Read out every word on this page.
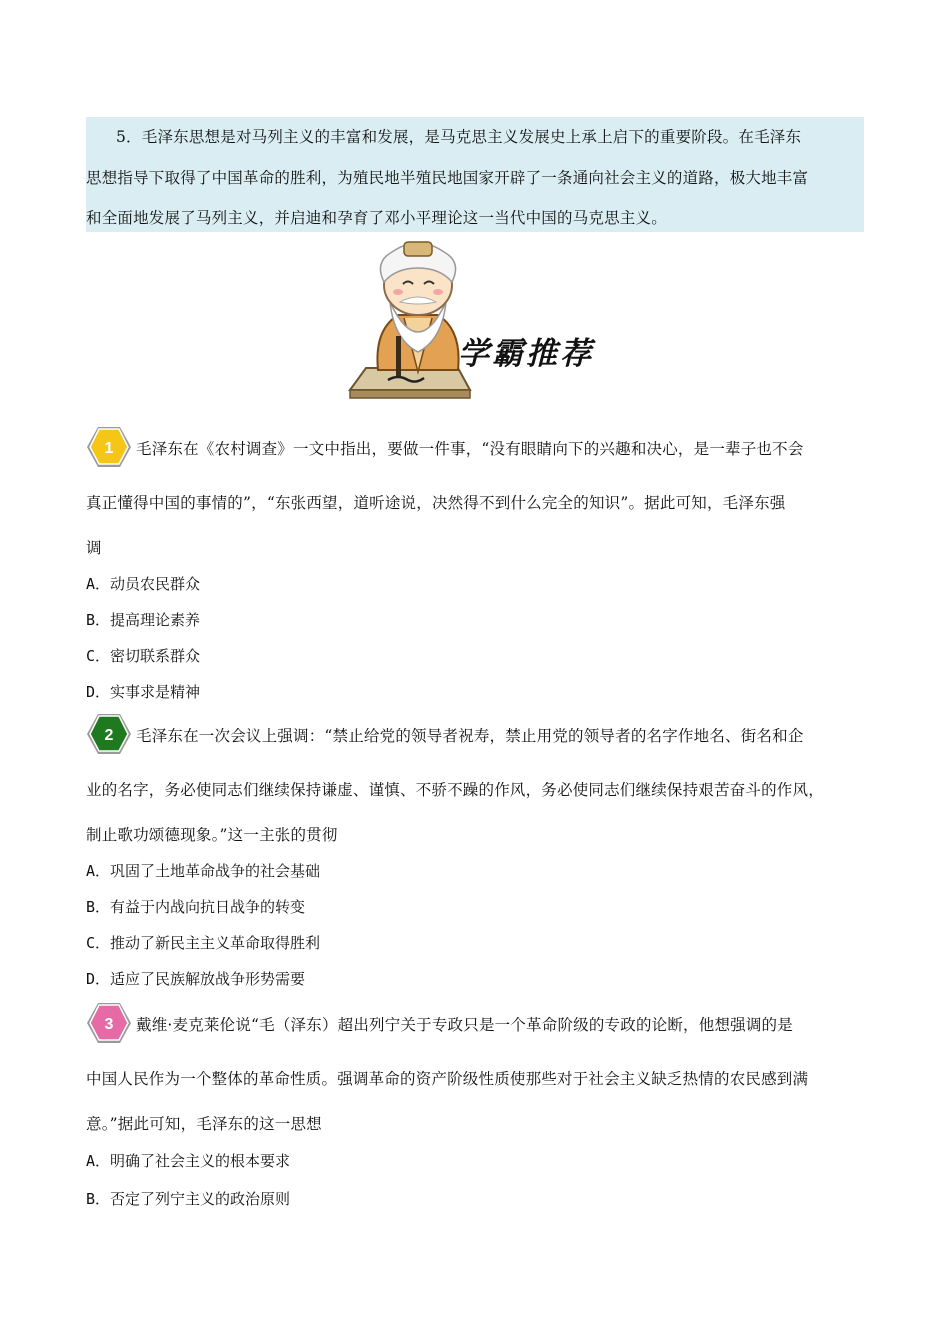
5．毛泽东思想是对马列主义的丰富和发展，是马克思主义发展史上承上启下的重要阶段。在毛泽东

思想指导下取得了中国革命的胜利，为殖民地半殖民地国家开辟了一条通向社会主义的道路，极大地丰富

和全面地发展了马列主义，并启迪和孕育了邓小平理论这一当代中国的马克思主义。

学霸推荐
1	毛泽东在《农村调查》一文中指出，要做一件事，“没有眼睛向下的兴趣和决心，是一辈子也不会
真正懂得中国的事情的”，“东张西望，道听途说，决然得不到什么完全的知识”。据此可知，毛泽东强
调
A．动员农民群众
B．提高理论素养
C．密切联系群众
D．实事求是精神
2	毛泽东在一次会议上强调：“禁止给党的领导者祝寿，禁止用党的领导者的名字作地名、街名和企
业的名字，务必使同志们继续保持谦虚、谨慎、不骄不躁的作风，务必使同志们继续保持艰苦奋斗的作风，
制止歌功颂德现象。”这一主张的贯彻
A．巩固了土地革命战争的社会基础
B．有益于内战向抗日战争的转变
C．推动了新民主主义革命取得胜利
D．适应了民族解放战争形势需要
3	戴维·麦克莱伦说“毛（泽东）超出列宁关于专政只是一个革命阶级的专政的论断，他想强调的是
中国人民作为一个整体的革命性质。强调革命的资产阶级性质使那些对于社会主义缺乏热情的农民感到满
意。”据此可知，毛泽东的这一思想
A．明确了社会主义的根本要求
B．否定了列宁主义的政治原则
